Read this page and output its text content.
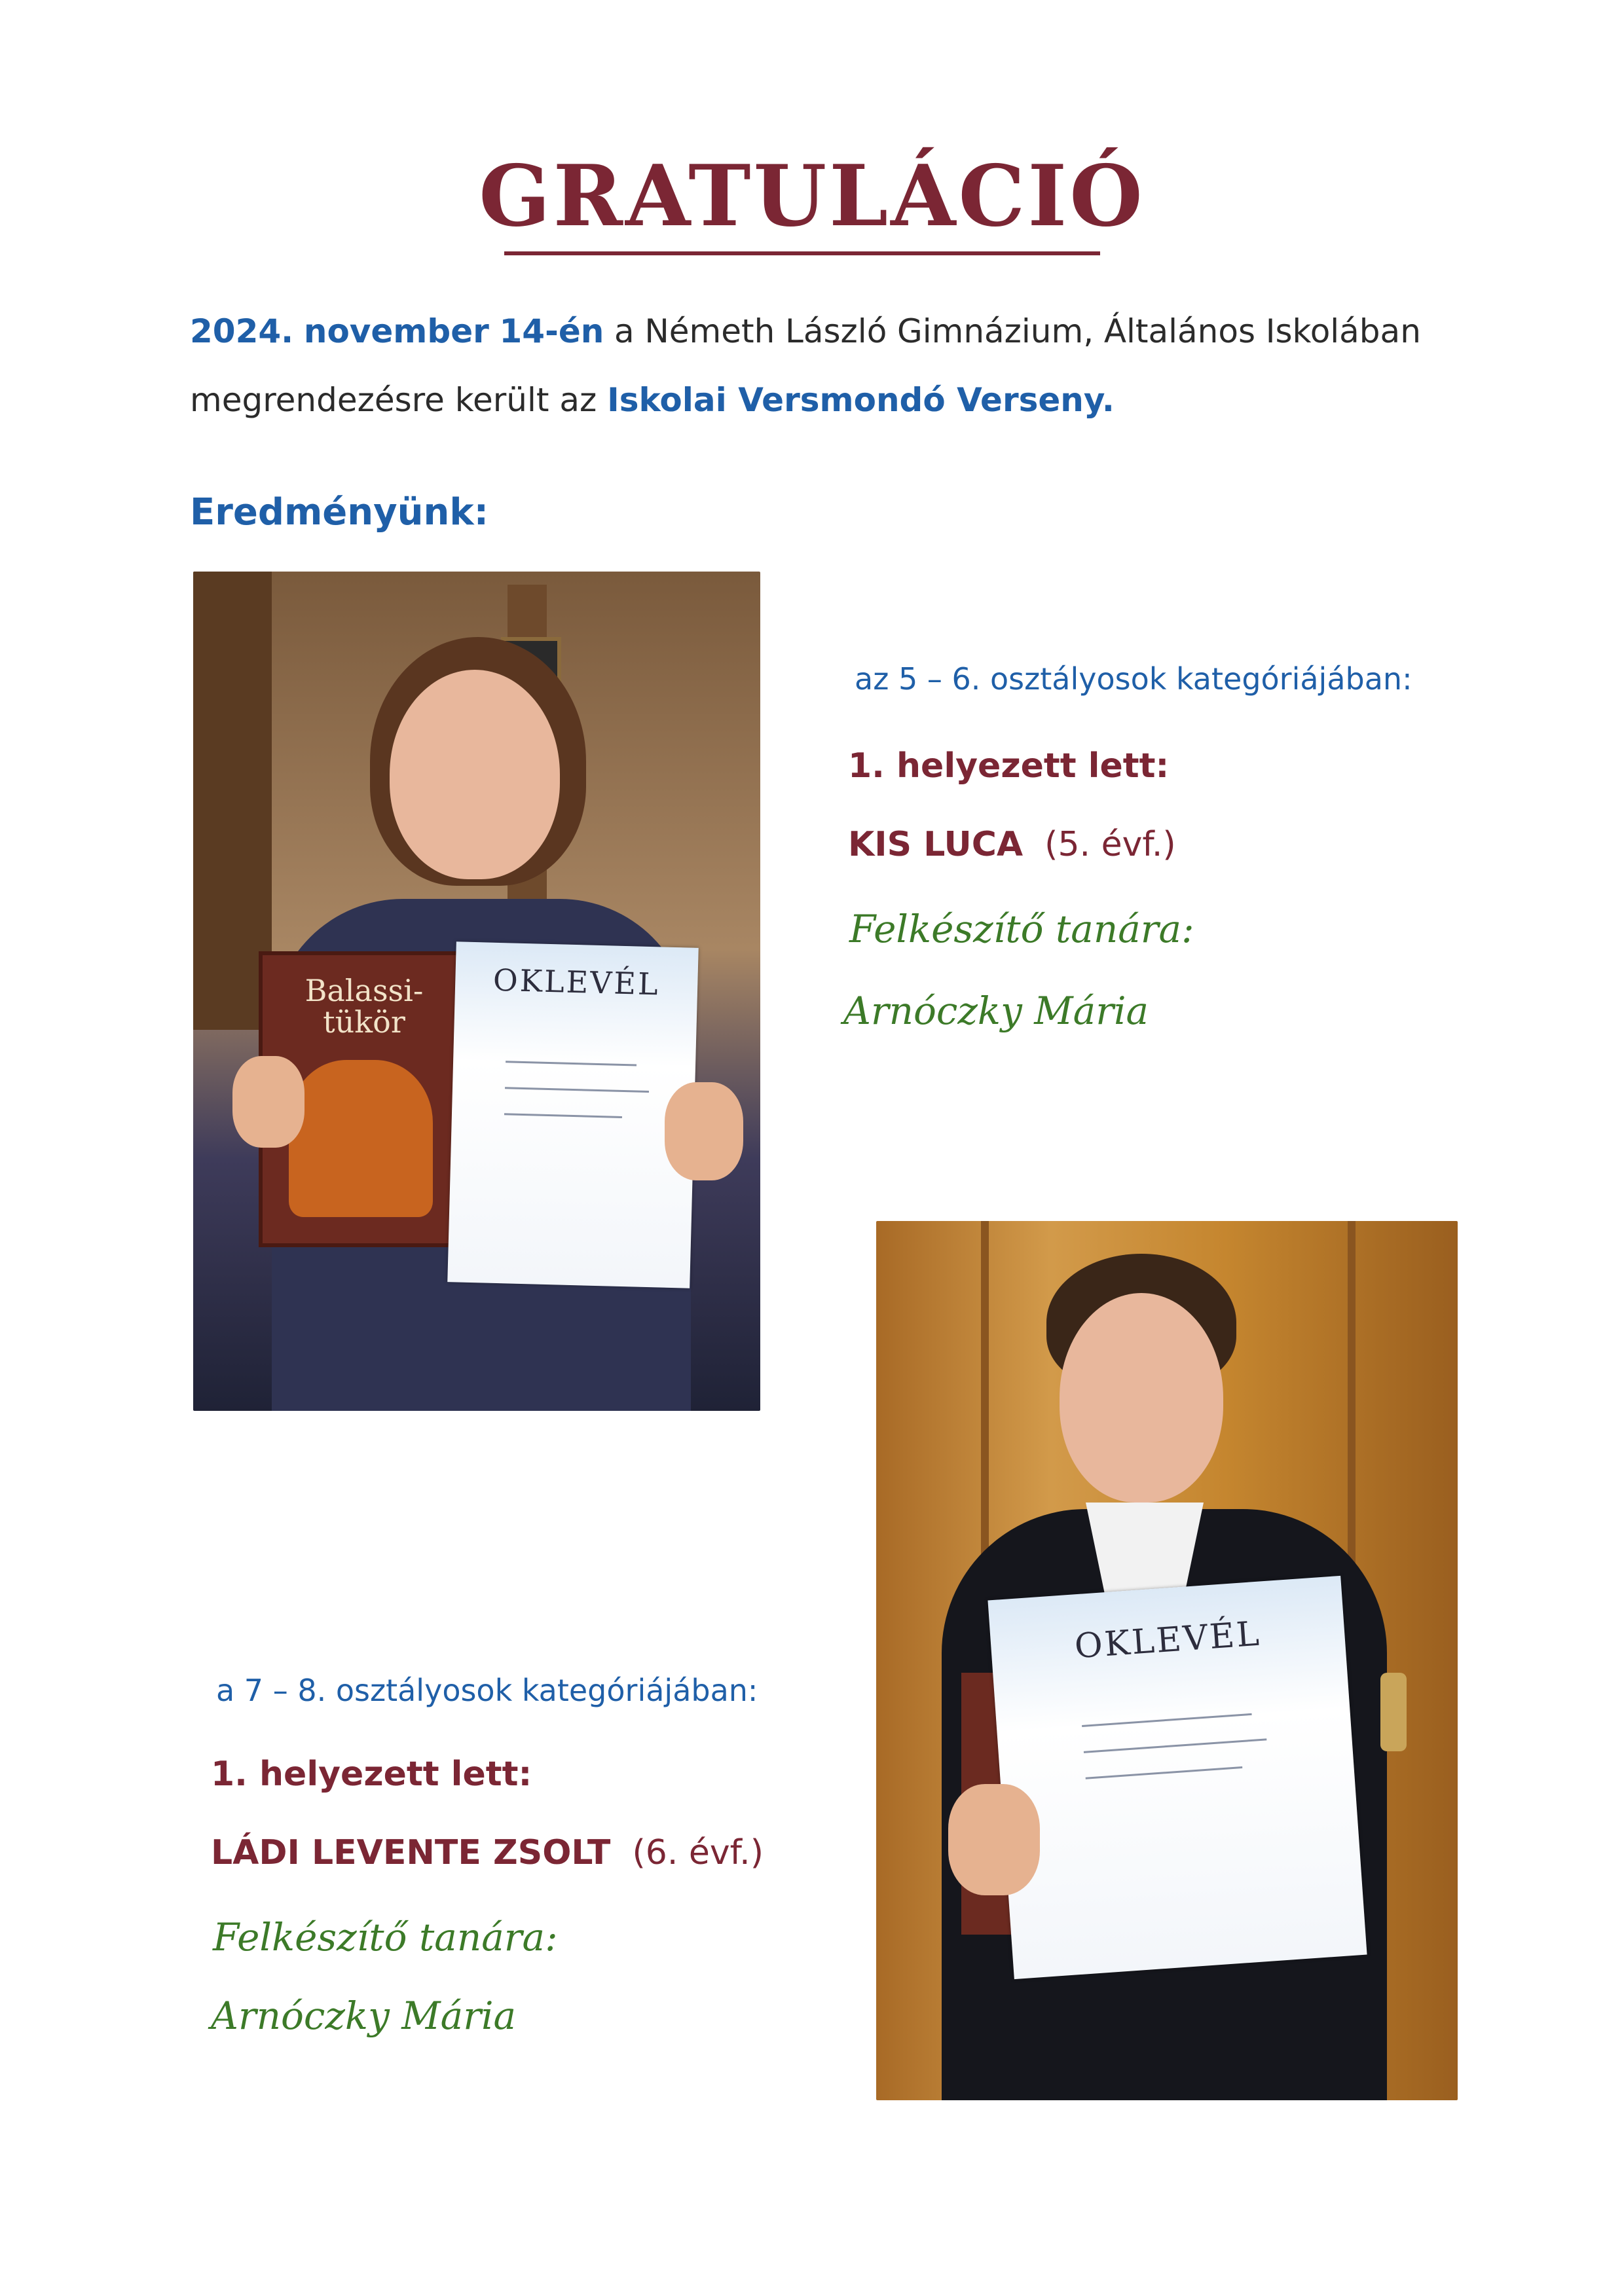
GRATULÁCIÓ
2024. november 14-én a Németh László Gimnázium, Általános Iskolában
megrendezésre került az Iskolai Versmondó Verseny.
Eredményünk:
Balassi-
tükör
OKLEVÉL
OKLEVÉL
az 5 – 6. osztályosok kategóriájában:
1. helyezett lett:
KIS LUCA (5. évf.)
Felkészítő tanára:
Arnóczky Mária
a 7 – 8. osztályosok kategóriájában:
1. helyezett lett:
LÁDI LEVENTE ZSOLT (6. évf.)
Felkészítő tanára:
Arnóczky Mária
